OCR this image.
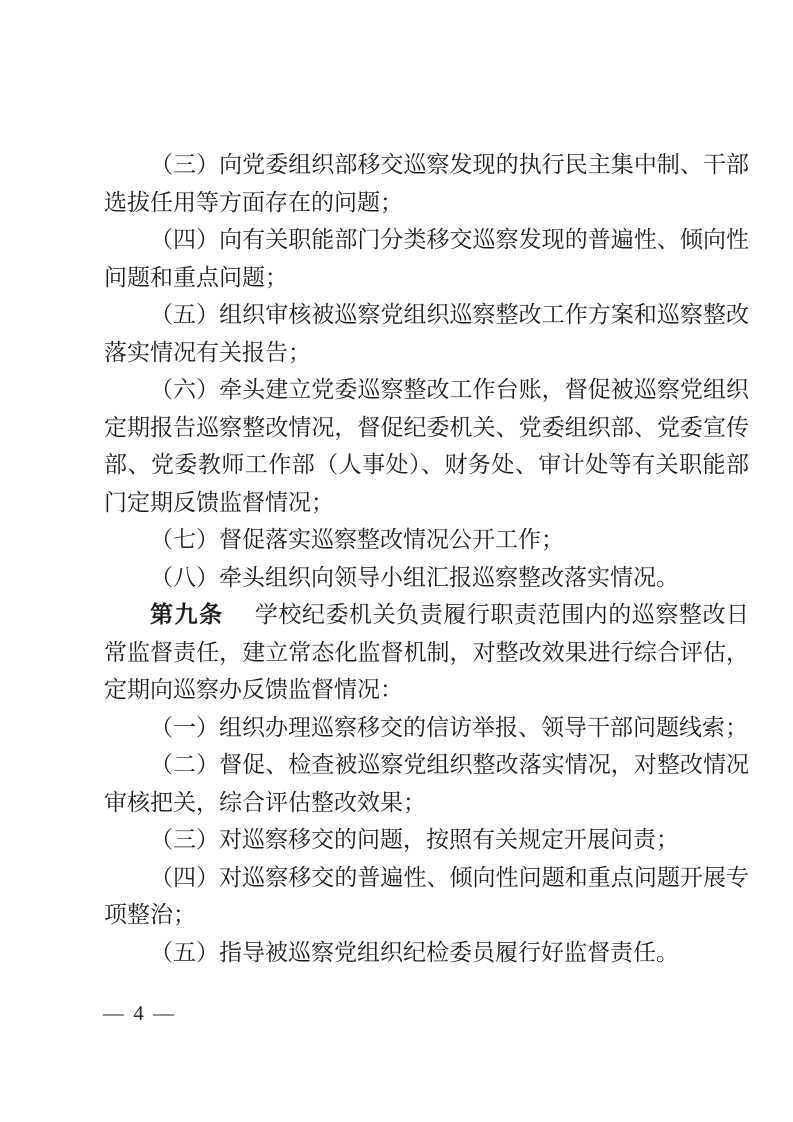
（三）向党委组织部移交巡察发现的执行民主集中制、干部选拔任用等方面存在的问题；

（四）向有关职能部门分类移交巡察发现的普遍性、倾向性问题和重点问题；

（五）组织审核被巡察党组织巡察整改工作方案和巡察整改落实情况有关报告；

（六）牵头建立党委巡察整改工作台账，督促被巡察党组织定期报告巡察整改情况，督促纪委机关、党委组织部、党委宣传部、党委教师工作部（人事处）、财务处、审计处等有关职能部门定期反馈监督情况；

（七）督促落实巡察整改情况公开工作；

（八）牵头组织向领导小组汇报巡察整改落实情况。

第九条 学校纪委机关负责履行职责范围内的巡察整改日常监督责任，建立常态化监督机制，对整改效果进行综合评估，定期向巡察办反馈监督情况：

（一）组织办理巡察移交的信访举报、领导干部问题线索；

（二）督促、检查被巡察党组织整改落实情况，对整改情况审核把关，综合评估整改效果；

（三）对巡察移交的问题，按照有关规定开展问责；

（四）对巡察移交的普遍性、倾向性问题和重点问题开展专项整治；

（五）指导被巡察党组织纪检委员履行好监督责任。

— 4 —
